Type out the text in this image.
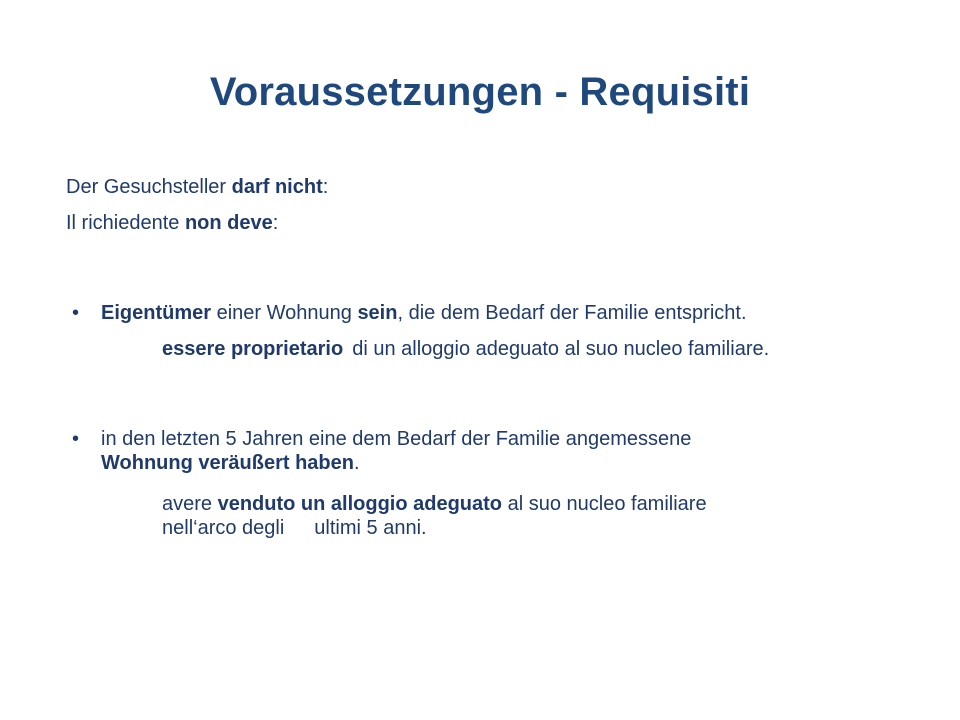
Voraussetzungen - Requisiti
Der Gesuchsteller darf nicht:
Il richiedente non deve:
• Eigentümer einer Wohnung sein, die dem Bedarf der Familie entspricht.
essere proprietario di un alloggio adeguato al suo nucleo familiare.
• in den letzten 5 Jahren eine dem Bedarf der Familie angemessene
Wohnung veräußert haben.
avere venduto un alloggio adeguato al suo nucleo familiare
nell‘arco degli ultimi 5 anni.
